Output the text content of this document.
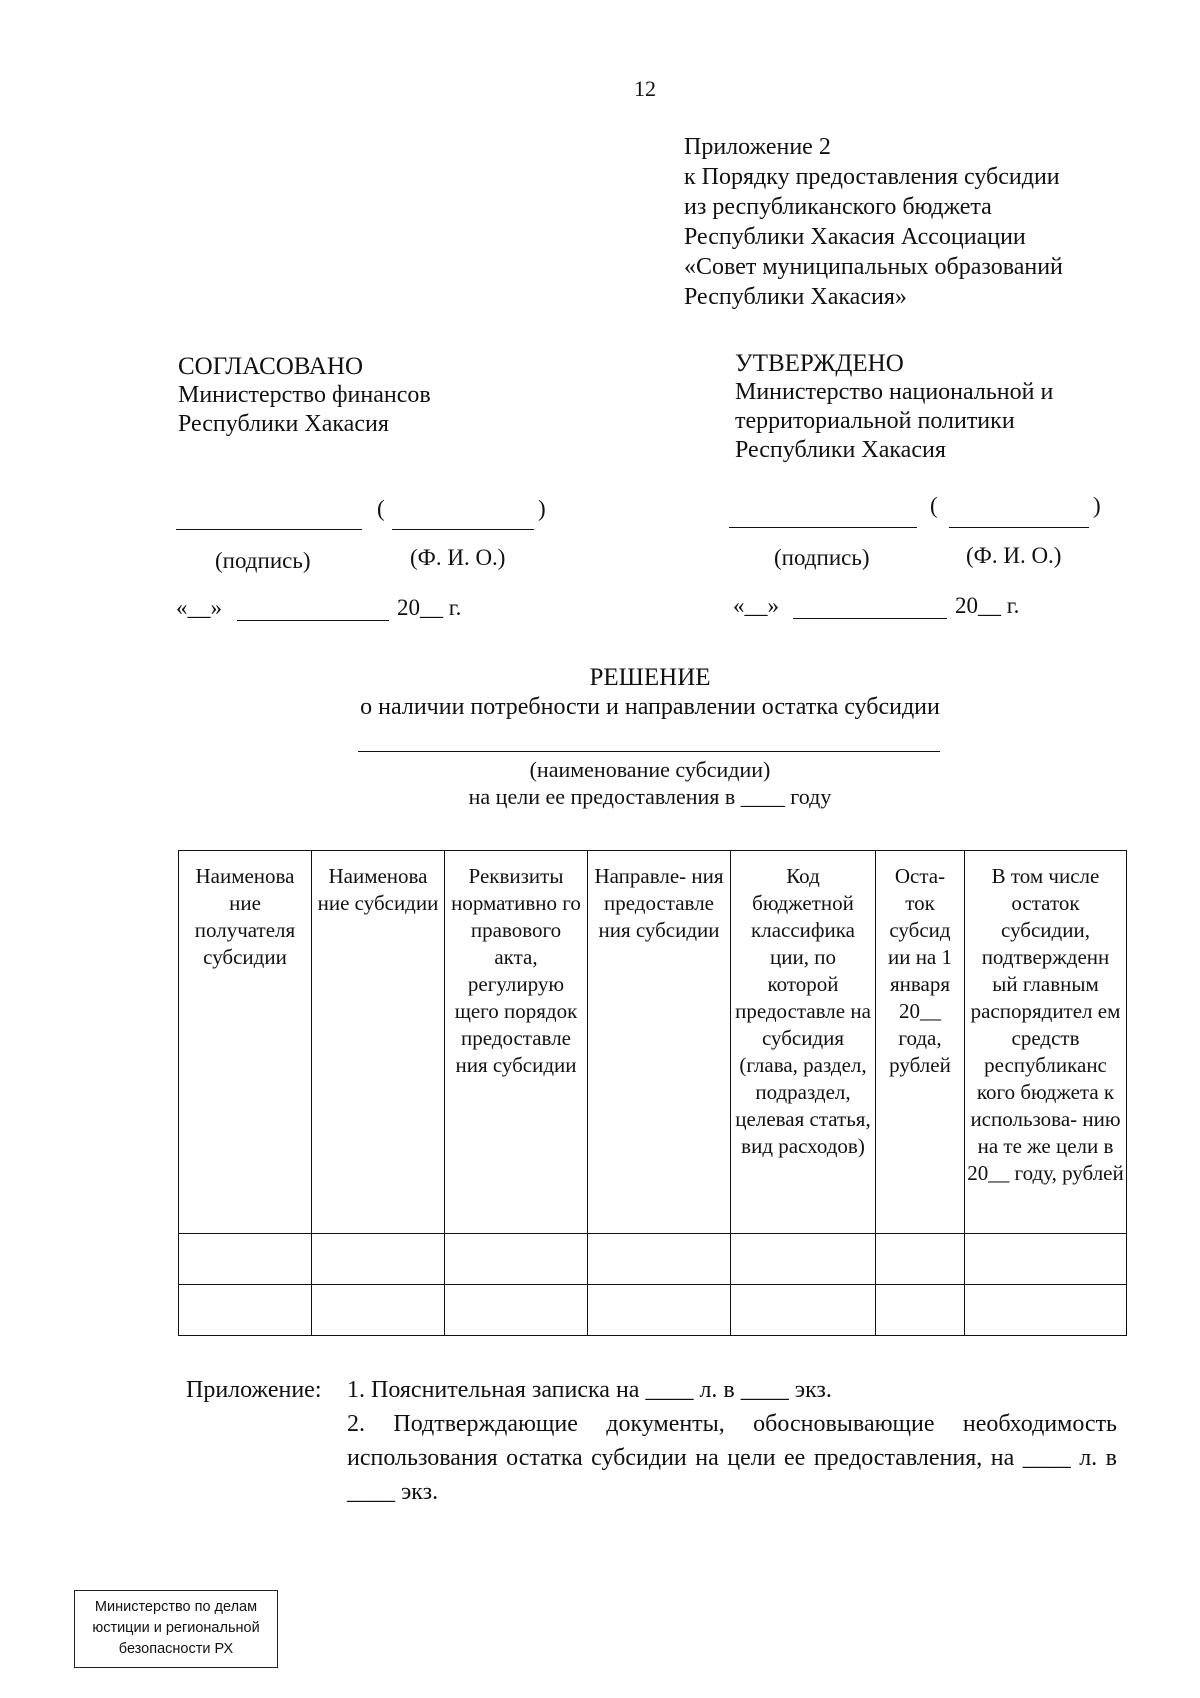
12
Приложение 2
к Порядку предоставления субсидии
из республиканского бюджета
Республики Хакасия Ассоциации
«Совет муниципальных образований
Республики Хакасия»
СОГЛАСОВАНО
Министерство финансов
Республики Хакасия
(	)
(подпись)	(Ф. И. О.)
«__»	20__ г.
УТВЕРЖДЕНО
Министерство национальной и
территориальной политики
Республики Хакасия
(	)
(подпись)	(Ф. И. О.)
«__»	20__ г.
РЕШЕНИЕ
о наличии потребности и направлении остатка субсидии
(наименование субсидии)
на цели ее предоставления в ____ году
Наименова ние получателя субсидии	Наименова ние субсидии	Реквизиты нормативно го правового акта, регулирую щего порядок предоставле ния субсидии	Направле- ния предоставле ния субсидии	Код бюджетной классифика ции, по которой предоставле на субсидия (глава, раздел, подраздел, целевая статья, вид расходов)	Оста- ток субсид ии на 1 января 20__ года, рублей	В том числе остаток субсидии, подтвержденн ый главным распорядител ем средств республиканс кого бюджета к использова- нию на те же цели в 20__ году, рублей

Приложение: 1. Пояснительная записка на ____ л. в ____ экз.
2. Подтверждающие документы, обосновывающие необходимость использования остатка субсидии на цели ее предоставления, на ____ л. в ____ экз.
Министерство по делам
юстиции и региональной
безопасности РХ
